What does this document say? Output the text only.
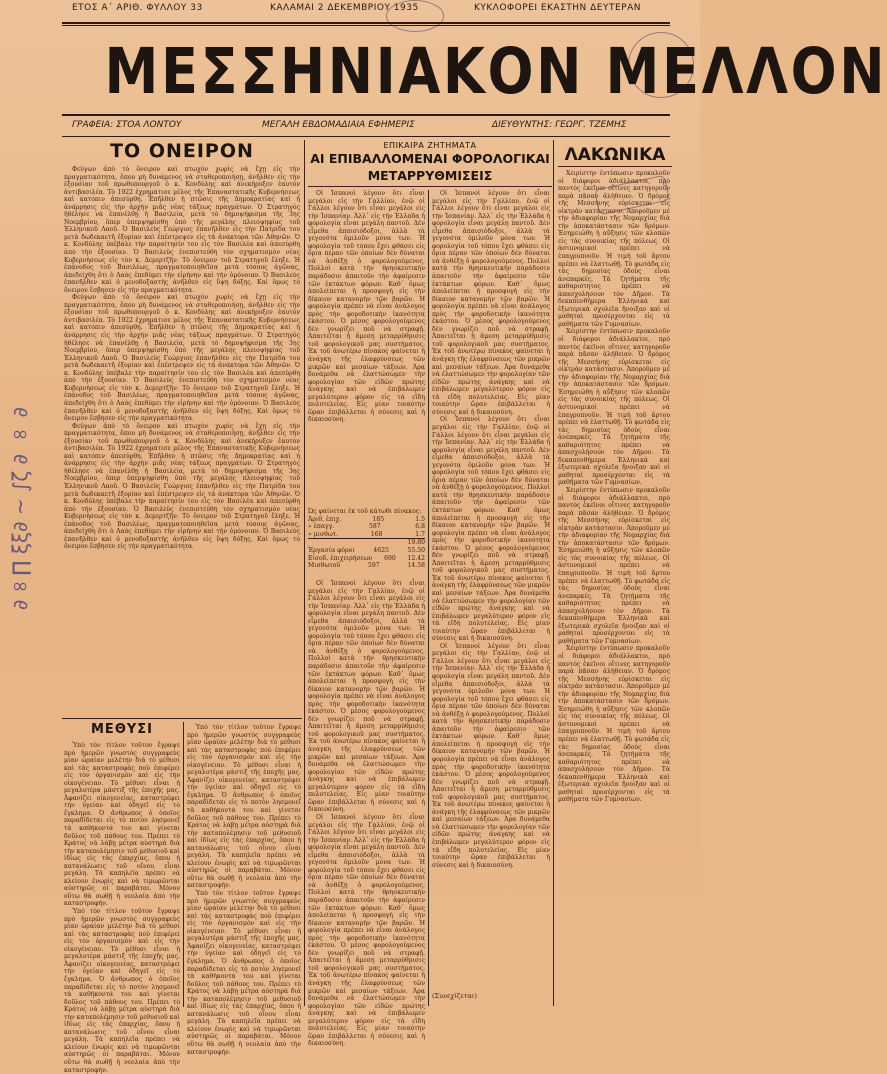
∂∞∏ ξξ∂ ~ ∫ζ ∂ ∞ ∂
ΕΤΟΣ Α΄ ΑΡΙΘ. ΦΥΛΛΟΥ 33	ΚΑΛΑΜΑΙ 2 ΔΕΚΕΜΒΡΙΟΥ 1935	ΚΥΚΛΟΦΟΡΕΙ ΕΚΑΣΤΗΝ ΔΕΥΤΕΡΑΝ
ΜΕΣΣΗΝΙΑΚΟΝ ΜΕΛΛΟΝ
ΓΡΑΦΕΙΑ: ΣΤΟΑ ΛΟΝΤΟΥ	ΜΕΓΑΛΗ ΕΒΔΟΜΑΔΙΑΙΑ ΕΦΗΜΕΡΙΣ	ΔΙΕΥΘΥΝΤΗΣ: ΓΕΩΡΓ. ΤΖΕΜΗΣ
ΤΟ ΟΝΕΙΡΟΝ

Φεύγων ἀπὸ τὸ ὄνειρον καὶ πτωχὸν χωρὶς νὰ ἔχῃ εἰς τὴν πραγματικότητα, ὅπου μὴ δυνάμενος νὰ σταθεροποιήσῃ, ἀνῆλθεν εἰς τὴν ἐξουσίαν τοῦ πρωθυπουργοῦ ὁ κ. Κονδύλης καὶ ἀνεκήρυξεν ἑαυτὸν ἀντιβασιλέα. Τὸ 1922 ἐχρημάτισε μέλος τῆς Ἐπαναστατικῆς Κυβερνήσεως καὶ κατόπιν ἀπεσύρθη. Ἐπῆλθεν ἡ πτῶσις τῆς Δημοκρατίας καὶ ἡ ἀνάρρησις εἰς τὴν ἀρχὴν μιᾶς νέας τάξεως πραγμάτων. Ὁ Στρατηγὸς ἠθέλησε νὰ ἐπανέλθῃ ἡ Βασιλεία, μετὰ τὸ δημοψήφισμα τῆς 3ης Νοεμβρίου, ὅπερ ὑπερψηφίσθη ὑπὸ τῆς μεγάλης πλειοψηφίας τοῦ Ἑλληνικοῦ Λαοῦ. Ὁ Βασιλεὺς Γεώργιος ἐπανῆλθεν εἰς τὴν Πατρίδα του μετὰ δωδεκαετῆ ἐξορίαν καὶ ἐπέστρεψεν εἰς τὰ ἀνάκτορα τῶν Ἀθηνῶν. Ὁ κ. Κονδύλης ὑπέβαλε τὴν παραίτησίν του εἰς τὸν Βασιλέα καὶ ἀπεσύρθη ἀπὸ τὴν ἐξουσίαν. Ὁ Βασιλεὺς ἐνεπιστεύθη τὸν σχηματισμὸν νέας Κυβερνήσεως εἰς τὸν κ. Δεμερτζῆν. Τὸ ὄνειρον τοῦ Στρατηγοῦ ἔληξε. Ἡ ἐπάνοδος τοῦ Βασιλέως, πραγματοποιηθεῖσα μετὰ τόσους ἀγῶνας, ἀπεδείχθη ὅτι ὁ Λαὸς ἐπεθύμει τὴν εἰρήνην καὶ τὴν ὁμόνοιαν. Ὁ Βασιλεὺς ἐπανῆλθεν καὶ ὁ μενοδοξαστὴς ἀνῆλθεν εἰς ὕψη δόξης. Καὶ ὅμως τὸ ὄνειρον ἔσβησεν εἰς τὴν πραγματικότητα.

Φεύγων ἀπὸ τὸ ὄνειρον καὶ πτωχὸν χωρὶς νὰ ἔχῃ εἰς τὴν πραγματικότητα, ὅπου μὴ δυνάμενος νὰ σταθεροποιήσῃ, ἀνῆλθεν εἰς τὴν ἐξουσίαν τοῦ πρωθυπουργοῦ ὁ κ. Κονδύλης καὶ ἀνεκήρυξεν ἑαυτὸν ἀντιβασιλέα. Τὸ 1922 ἐχρημάτισε μέλος τῆς Ἐπαναστατικῆς Κυβερνήσεως καὶ κατόπιν ἀπεσύρθη. Ἐπῆλθεν ἡ πτῶσις τῆς Δημοκρατίας καὶ ἡ ἀνάρρησις εἰς τὴν ἀρχὴν μιᾶς νέας τάξεως πραγμάτων. Ὁ Στρατηγὸς ἠθέλησε νὰ ἐπανέλθῃ ἡ Βασιλεία, μετὰ τὸ δημοψήφισμα τῆς 3ης Νοεμβρίου, ὅπερ ὑπερψηφίσθη ὑπὸ τῆς μεγάλης πλειοψηφίας τοῦ Ἑλληνικοῦ Λαοῦ. Ὁ Βασιλεὺς Γεώργιος ἐπανῆλθεν εἰς τὴν Πατρίδα του μετὰ δωδεκαετῆ ἐξορίαν καὶ ἐπέστρεψεν εἰς τὰ ἀνάκτορα τῶν Ἀθηνῶν. Ὁ κ. Κονδύλης ὑπέβαλε τὴν παραίτησίν του εἰς τὸν Βασιλέα καὶ ἀπεσύρθη ἀπὸ τὴν ἐξουσίαν. Ὁ Βασιλεὺς ἐνεπιστεύθη τὸν σχηματισμὸν νέας Κυβερνήσεως εἰς τὸν κ. Δεμερτζῆν. Τὸ ὄνειρον τοῦ Στρατηγοῦ ἔληξε. Ἡ ἐπάνοδος τοῦ Βασιλέως, πραγματοποιηθεῖσα μετὰ τόσους ἀγῶνας, ἀπεδείχθη ὅτι ὁ Λαὸς ἐπεθύμει τὴν εἰρήνην καὶ τὴν ὁμόνοιαν. Ὁ Βασιλεὺς ἐπανῆλθεν καὶ ὁ μενοδοξαστὴς ἀνῆλθεν εἰς ὕψη δόξης. Καὶ ὅμως τὸ ὄνειρον ἔσβησεν εἰς τὴν πραγματικότητα.

Φεύγων ἀπὸ τὸ ὄνειρον καὶ πτωχὸν χωρὶς νὰ ἔχῃ εἰς τὴν πραγματικότητα, ὅπου μὴ δυνάμενος νὰ σταθεροποιήσῃ, ἀνῆλθεν εἰς τὴν ἐξουσίαν τοῦ πρωθυπουργοῦ ὁ κ. Κονδύλης καὶ ἀνεκήρυξεν ἑαυτὸν ἀντιβασιλέα. Τὸ 1922 ἐχρημάτισε μέλος τῆς Ἐπαναστατικῆς Κυβερνήσεως καὶ κατόπιν ἀπεσύρθη. Ἐπῆλθεν ἡ πτῶσις τῆς Δημοκρατίας καὶ ἡ ἀνάρρησις εἰς τὴν ἀρχὴν μιᾶς νέας τάξεως πραγμάτων. Ὁ Στρατηγὸς ἠθέλησε νὰ ἐπανέλθῃ ἡ Βασιλεία, μετὰ τὸ δημοψήφισμα τῆς 3ης Νοεμβρίου, ὅπερ ὑπερψηφίσθη ὑπὸ τῆς μεγάλης πλειοψηφίας τοῦ Ἑλληνικοῦ Λαοῦ. Ὁ Βασιλεὺς Γεώργιος ἐπανῆλθεν εἰς τὴν Πατρίδα του μετὰ δωδεκαετῆ ἐξορίαν καὶ ἐπέστρεψεν εἰς τὰ ἀνάκτορα τῶν Ἀθηνῶν. Ὁ κ. Κονδύλης ὑπέβαλε τὴν παραίτησίν του εἰς τὸν Βασιλέα καὶ ἀπεσύρθη ἀπὸ τὴν ἐξουσίαν. Ὁ Βασιλεὺς ἐνεπιστεύθη τὸν σχηματισμὸν νέας Κυβερνήσεως εἰς τὸν κ. Δεμερτζῆν. Τὸ ὄνειρον τοῦ Στρατηγοῦ ἔληξε. Ἡ ἐπάνοδος τοῦ Βασιλέως, πραγματοποιηθεῖσα μετὰ τόσους ἀγῶνας, ἀπεδείχθη ὅτι ὁ Λαὸς ἐπεθύμει τὴν εἰρήνην καὶ τὴν ὁμόνοιαν. Ὁ Βασιλεὺς ἐπανῆλθεν καὶ ὁ μενοδοξαστὴς ἀνῆλθεν εἰς ὕψη δόξης. Καὶ ὅμως τὸ ὄνειρον ἔσβησεν εἰς τὴν πραγματικότητα.

ΜΕΘΥΣΙ

Ὑπὸ τὸν τίτλον τοῦτον ἔγραψε πρὸ ἡμερῶν γνωστὸς συγγραφεὺς μίαν ὡραίαν μελέτην διὰ τὸ μέθυσι καὶ τὰς καταστροφὰς ποὺ ἐπιφέρει εἰς τὸν ὀργανισμὸν καὶ εἰς τὴν οἰκογένειαν. Τὸ μέθυσι εἶναι ἡ μεγαλυτέρα μάστιξ τῆς ἐποχῆς μας. Ἀφανίζει οἰκογενείας, καταστρέφει τὴν ὑγείαν καὶ ὁδηγεῖ εἰς τὸ ἔγκλημα. Ὁ ἄνθρωπος ὁ ὁποῖος παραδίδεται εἰς τὸ ποτὸν λησμονεῖ τὰ καθήκοντά του καὶ γίνεται δοῦλος τοῦ πάθους του. Πρέπει τὸ Κράτος νὰ λάβῃ μέτρα αὐστηρὰ διὰ τὴν καταπολέμησιν τοῦ μεθυσιοῦ καὶ ἰδίως εἰς τὰς ἐπαρχίας, ὅπου ἡ κατανάλωσις τοῦ οἴνου εἶναι μεγάλη. Τὰ καπηλεῖα πρέπει νὰ κλείουν ἐνωρὶς καὶ νὰ τιμωρῶνται αὐστηρῶς οἱ παραβάται. Μόνον οὕτω θὰ σωθῇ ἡ νεολαία ἀπὸ τὴν καταστροφήν.

Ὑπὸ τὸν τίτλον τοῦτον ἔγραψε πρὸ ἡμερῶν γνωστὸς συγγραφεὺς μίαν ὡραίαν μελέτην διὰ τὸ μέθυσι καὶ τὰς καταστροφὰς ποὺ ἐπιφέρει εἰς τὸν ὀργανισμὸν καὶ εἰς τὴν οἰκογένειαν. Τὸ μέθυσι εἶναι ἡ μεγαλυτέρα μάστιξ τῆς ἐποχῆς μας. Ἀφανίζει οἰκογενείας, καταστρέφει τὴν ὑγείαν καὶ ὁδηγεῖ εἰς τὸ ἔγκλημα. Ὁ ἄνθρωπος ὁ ὁποῖος παραδίδεται εἰς τὸ ποτὸν λησμονεῖ τὰ καθήκοντά του καὶ γίνεται δοῦλος τοῦ πάθους του. Πρέπει τὸ Κράτος νὰ λάβῃ μέτρα αὐστηρὰ διὰ τὴν καταπολέμησιν τοῦ μεθυσιοῦ καὶ ἰδίως εἰς τὰς ἐπαρχίας, ὅπου ἡ κατανάλωσις τοῦ οἴνου εἶναι μεγάλη. Τὰ καπηλεῖα πρέπει νὰ κλείουν ἐνωρὶς καὶ νὰ τιμωρῶνται αὐστηρῶς οἱ παραβάται. Μόνον οὕτω θὰ σωθῇ ἡ νεολαία ἀπὸ τὴν καταστροφήν.

Ὑπὸ τὸν τίτλον τοῦτον ἔγραψε πρὸ ἡμερῶν γνωστὸς συγγραφεὺς μίαν ὡραίαν μελέτην διὰ τὸ μέθυσι καὶ τὰς καταστροφὰς ποὺ ἐπιφέρει εἰς τὸν ὀργανισμὸν καὶ εἰς τὴν οἰκογένειαν. Τὸ μέθυσι εἶναι ἡ μεγαλυτέρα μάστιξ τῆς ἐποχῆς μας. Ἀφανίζει οἰκογενείας, καταστρέφει τὴν ὑγείαν καὶ ὁδηγεῖ εἰς τὸ ἔγκλημα. Ὁ ἄνθρωπος ὁ ὁποῖος παραδίδεται εἰς τὸ ποτὸν λησμονεῖ τὰ καθήκοντά του καὶ γίνεται δοῦλος τοῦ πάθους του. Πρέπει τὸ Κράτος νὰ λάβῃ μέτρα αὐστηρὰ διὰ τὴν καταπολέμησιν τοῦ μεθυσιοῦ καὶ ἰδίως εἰς τὰς ἐπαρχίας, ὅπου ἡ κατανάλωσις τοῦ οἴνου εἶναι μεγάλη. Τὰ καπηλεῖα πρέπει νὰ κλείουν ἐνωρὶς καὶ νὰ τιμωρῶνται αὐστηρῶς οἱ παραβάται. Μόνον οὕτω θὰ σωθῇ ἡ νεολαία ἀπὸ τὴν καταστροφήν.

Ὑπὸ τὸν τίτλον τοῦτον ἔγραψε πρὸ ἡμερῶν γνωστὸς συγγραφεὺς μίαν ὡραίαν μελέτην διὰ τὸ μέθυσι καὶ τὰς καταστροφὰς ποὺ ἐπιφέρει εἰς τὸν ὀργανισμὸν καὶ εἰς τὴν οἰκογένειαν. Τὸ μέθυσι εἶναι ἡ μεγαλυτέρα μάστιξ τῆς ἐποχῆς μας. Ἀφανίζει οἰκογενείας, καταστρέφει τὴν ὑγείαν καὶ ὁδηγεῖ εἰς τὸ ἔγκλημα. Ὁ ἄνθρωπος ὁ ὁποῖος παραδίδεται εἰς τὸ ποτὸν λησμονεῖ τὰ καθήκοντά του καὶ γίνεται δοῦλος τοῦ πάθους του. Πρέπει τὸ Κράτος νὰ λάβῃ μέτρα αὐστηρὰ διὰ τὴν καταπολέμησιν τοῦ μεθυσιοῦ καὶ ἰδίως εἰς τὰς ἐπαρχίας, ὅπου ἡ κατανάλωσις τοῦ οἴνου εἶναι μεγάλη. Τὰ καπηλεῖα πρέπει νὰ κλείουν ἐνωρὶς καὶ νὰ τιμωρῶνται αὐστηρῶς οἱ παραβάται. Μόνον οὕτω θὰ σωθῇ ἡ νεολαία ἀπὸ τὴν καταστροφήν.

ΕΠΙΚΑΙΡΑ ΖΗΤΗΜΑΤΑ
ΑΙ ΕΠΙΒΑΛΛΟΜΕΝΑΙ ΦΟΡΟΛΟΓΙΚΑΙ
ΜΕΤΑΡΡΥΘΜΙΣΕΙΣ

Οἱ Ἰσπανοὶ λέγουν ὅτι εἶναι μεγάλοι εἰς τὴν Γαλλίαν, ἐνῷ οἱ Γάλλοι λέγουν ὅτι εἶναι μεγάλοι εἰς τὴν Ἰσπανίαν. Ἀλλ᾿ εἰς τὴν Ἑλλάδα ἡ φορολογία εἶναι μεγάλη παντοῦ. Δὲν εἶμεθα ἀπαισιόδοξοι, ἀλλὰ τὰ γεγονότα ὁμιλοῦν μόνα των. Ἡ φορολογία τοῦ τόπου ἔχει φθάσει εἰς ὅρια πέραν τῶν ὁποίων δὲν δύναται νὰ ἀνθέξῃ ὁ φορολογούμενος. Πολλοὶ κατὰ τὴν θρησκευτικὴν παράδοσιν ἀπαιτοῦν τὴν ἀφαίρεσιν τῶν ἐκτάκτων φόρων. Καθ᾿ ὅμως ἀπολείπεται ἡ προσφυγὴ εἰς τὴν δίκαιον κατανομὴν τῶν βαρῶν. Ἡ φορολογία πρέπει νὰ εἶναι ἀνάλογος πρὸς τὴν φοροδοτικὴν ἱκανότητα ἑκάστου. Ὁ μέσος φορολογούμενος δὲν γνωρίζει ποῦ νὰ στραφῇ. Ἀπαιτεῖται ἡ ἄμεση μεταρρύθμισις τοῦ φορολογικοῦ μας συστήματος. Ἐκ τοῦ ἀνωτέρω πίνακος φαίνεται ἡ ἀνάγκη τῆς ἐλαφρύνσεως τῶν μικρῶν καὶ μεσαίων τάξεων. Ἀρα δυνάμεθα νὰ ἐλαττώσωμεν τὴν φορολογίαν τῶν εἰδῶν πρώτης ἀνάγκης καὶ νὰ ἐπιβάλωμεν μεγαλύτερον φόρον εἰς τὰ εἴδη πολυτελείας. Εἰς μίαν τοιαύτην ὥραν ἐπιβάλλεται ἡ σύνεσις καὶ ἡ δικαιοσύνη.

Ὡς φαίνεται ἐκ τοῦ κάτωθι πίνακος:
Ἀριθ. ἐπιχ.	185	1.5
» ἐπαγγ.	587	6.8
» μισθωτ.	168	1.7
19.80
Ἐργασία φόροι	4625	55.50
Εἰσοδ. ἐπιχειρήσεων 690 12.42
Μισθωτοῦ	597	14.58

Οἱ Ἰσπανοὶ λέγουν ὅτι εἶναι μεγάλοι εἰς τὴν Γαλλίαν, ἐνῷ οἱ Γάλλοι λέγουν ὅτι εἶναι μεγάλοι εἰς τὴν Ἰσπανίαν. Ἀλλ᾿ εἰς τὴν Ἑλλάδα ἡ φορολογία εἶναι μεγάλη παντοῦ. Δὲν εἶμεθα ἀπαισιόδοξοι, ἀλλὰ τὰ γεγονότα ὁμιλοῦν μόνα των. Ἡ φορολογία τοῦ τόπου ἔχει φθάσει εἰς ὅρια πέραν τῶν ὁποίων δὲν δύναται νὰ ἀνθέξῃ ὁ φορολογούμενος. Πολλοὶ κατὰ τὴν θρησκευτικὴν παράδοσιν ἀπαιτοῦν τὴν ἀφαίρεσιν τῶν ἐκτάκτων φόρων. Καθ᾿ ὅμως ἀπολείπεται ἡ προσφυγὴ εἰς τὴν δίκαιον κατανομὴν τῶν βαρῶν. Ἡ φορολογία πρέπει νὰ εἶναι ἀνάλογος πρὸς τὴν φοροδοτικὴν ἱκανότητα ἑκάστου. Ὁ μέσος φορολογούμενος δὲν γνωρίζει ποῦ νὰ στραφῇ. Ἀπαιτεῖται ἡ ἄμεση μεταρρύθμισις τοῦ φορολογικοῦ μας συστήματος. Ἐκ τοῦ ἀνωτέρω πίνακος φαίνεται ἡ ἀνάγκη τῆς ἐλαφρύνσεως τῶν μικρῶν καὶ μεσαίων τάξεων. Ἀρα δυνάμεθα νὰ ἐλαττώσωμεν τὴν φορολογίαν τῶν εἰδῶν πρώτης ἀνάγκης καὶ νὰ ἐπιβάλωμεν μεγαλύτερον φόρον εἰς τὰ εἴδη πολυτελείας. Εἰς μίαν τοιαύτην ὥραν ἐπιβάλλεται ἡ σύνεσις καὶ ἡ δικαιοσύνη.

Οἱ Ἰσπανοὶ λέγουν ὅτι εἶναι μεγάλοι εἰς τὴν Γαλλίαν, ἐνῷ οἱ Γάλλοι λέγουν ὅτι εἶναι μεγάλοι εἰς τὴν Ἰσπανίαν. Ἀλλ᾿ εἰς τὴν Ἑλλάδα ἡ φορολογία εἶναι μεγάλη παντοῦ. Δὲν εἶμεθα ἀπαισιόδοξοι, ἀλλὰ τὰ γεγονότα ὁμιλοῦν μόνα των. Ἡ φορολογία τοῦ τόπου ἔχει φθάσει εἰς ὅρια πέραν τῶν ὁποίων δὲν δύναται νὰ ἀνθέξῃ ὁ φορολογούμενος. Πολλοὶ κατὰ τὴν θρησκευτικὴν παράδοσιν ἀπαιτοῦν τὴν ἀφαίρεσιν τῶν ἐκτάκτων φόρων. Καθ᾿ ὅμως ἀπολείπεται ἡ προσφυγὴ εἰς τὴν δίκαιον κατανομὴν τῶν βαρῶν. Ἡ φορολογία πρέπει νὰ εἶναι ἀνάλογος πρὸς τὴν φοροδοτικὴν ἱκανότητα ἑκάστου. Ὁ μέσος φορολογούμενος δὲν γνωρίζει ποῦ νὰ στραφῇ. Ἀπαιτεῖται ἡ ἄμεση μεταρρύθμισις τοῦ φορολογικοῦ μας συστήματος. Ἐκ τοῦ ἀνωτέρω πίνακος φαίνεται ἡ ἀνάγκη τῆς ἐλαφρύνσεως τῶν μικρῶν καὶ μεσαίων τάξεων. Ἀρα δυνάμεθα νὰ ἐλαττώσωμεν τὴν φορολογίαν τῶν εἰδῶν πρώτης ἀνάγκης καὶ νὰ ἐπιβάλωμεν μεγαλύτερον φόρον εἰς τὰ εἴδη πολυτελείας. Εἰς μίαν τοιαύτην ὥραν ἐπιβάλλεται ἡ σύνεσις καὶ ἡ δικαιοσύνη.

Οἱ Ἰσπανοὶ λέγουν ὅτι εἶναι μεγάλοι εἰς τὴν Γαλλίαν, ἐνῷ οἱ Γάλλοι λέγουν ὅτι εἶναι μεγάλοι εἰς τὴν Ἰσπανίαν. Ἀλλ᾿ εἰς τὴν Ἑλλάδα ἡ φορολογία εἶναι μεγάλη παντοῦ. Δὲν εἶμεθα ἀπαισιόδοξοι, ἀλλὰ τὰ γεγονότα ὁμιλοῦν μόνα των. Ἡ φορολογία τοῦ τόπου ἔχει φθάσει εἰς ὅρια πέραν τῶν ὁποίων δὲν δύναται νὰ ἀνθέξῃ ὁ φορολογούμενος. Πολλοὶ κατὰ τὴν θρησκευτικὴν παράδοσιν ἀπαιτοῦν τὴν ἀφαίρεσιν τῶν ἐκτάκτων φόρων. Καθ᾿ ὅμως ἀπολείπεται ἡ προσφυγὴ εἰς τὴν δίκαιον κατανομὴν τῶν βαρῶν. Ἡ φορολογία πρέπει νὰ εἶναι ἀνάλογος πρὸς τὴν φοροδοτικὴν ἱκανότητα ἑκάστου. Ὁ μέσος φορολογούμενος δὲν γνωρίζει ποῦ νὰ στραφῇ. Ἀπαιτεῖται ἡ ἄμεση μεταρρύθμισις τοῦ φορολογικοῦ μας συστήματος. Ἐκ τοῦ ἀνωτέρω πίνακος φαίνεται ἡ ἀνάγκη τῆς ἐλαφρύνσεως τῶν μικρῶν καὶ μεσαίων τάξεων. Ἀρα δυνάμεθα νὰ ἐλαττώσωμεν τὴν φορολογίαν τῶν εἰδῶν πρώτης ἀνάγκης καὶ νὰ ἐπιβάλωμεν μεγαλύτερον φόρον εἰς τὰ εἴδη πολυτελείας. Εἰς μίαν τοιαύτην ὥραν ἐπιβάλλεται ἡ σύνεσις καὶ ἡ δικαιοσύνη.

Οἱ Ἰσπανοὶ λέγουν ὅτι εἶναι μεγάλοι εἰς τὴν Γαλλίαν, ἐνῷ οἱ Γάλλοι λέγουν ὅτι εἶναι μεγάλοι εἰς τὴν Ἰσπανίαν. Ἀλλ᾿ εἰς τὴν Ἑλλάδα ἡ φορολογία εἶναι μεγάλη παντοῦ. Δὲν εἶμεθα ἀπαισιόδοξοι, ἀλλὰ τὰ γεγονότα ὁμιλοῦν μόνα των. Ἡ φορολογία τοῦ τόπου ἔχει φθάσει εἰς ὅρια πέραν τῶν ὁποίων δὲν δύναται νὰ ἀνθέξῃ ὁ φορολογούμενος. Πολλοὶ κατὰ τὴν θρησκευτικὴν παράδοσιν ἀπαιτοῦν τὴν ἀφαίρεσιν τῶν ἐκτάκτων φόρων. Καθ᾿ ὅμως ἀπολείπεται ἡ προσφυγὴ εἰς τὴν δίκαιον κατανομὴν τῶν βαρῶν. Ἡ φορολογία πρέπει νὰ εἶναι ἀνάλογος πρὸς τὴν φοροδοτικὴν ἱκανότητα ἑκάστου. Ὁ μέσος φορολογούμενος δὲν γνωρίζει ποῦ νὰ στραφῇ. Ἀπαιτεῖται ἡ ἄμεση μεταρρύθμισις τοῦ φορολογικοῦ μας συστήματος. Ἐκ τοῦ ἀνωτέρω πίνακος φαίνεται ἡ ἀνάγκη τῆς ἐλαφρύνσεως τῶν μικρῶν καὶ μεσαίων τάξεων. Ἀρα δυνάμεθα νὰ ἐλαττώσωμεν τὴν φορολογίαν τῶν εἰδῶν πρώτης ἀνάγκης καὶ νὰ ἐπιβάλωμεν μεγαλύτερον φόρον εἰς τὰ εἴδη πολυτελείας. Εἰς μίαν τοιαύτην ὥραν ἐπιβάλλεται ἡ σύνεσις καὶ ἡ δικαιοσύνη.

Οἱ Ἰσπανοὶ λέγουν ὅτι εἶναι μεγάλοι εἰς τὴν Γαλλίαν, ἐνῷ οἱ Γάλλοι λέγουν ὅτι εἶναι μεγάλοι εἰς τὴν Ἰσπανίαν. Ἀλλ᾿ εἰς τὴν Ἑλλάδα ἡ φορολογία εἶναι μεγάλη παντοῦ. Δὲν εἶμεθα ἀπαισιόδοξοι, ἀλλὰ τὰ γεγονότα ὁμιλοῦν μόνα των. Ἡ φορολογία τοῦ τόπου ἔχει φθάσει εἰς ὅρια πέραν τῶν ὁποίων δὲν δύναται νὰ ἀνθέξῃ ὁ φορολογούμενος. Πολλοὶ κατὰ τὴν θρησκευτικὴν παράδοσιν ἀπαιτοῦν τὴν ἀφαίρεσιν τῶν ἐκτάκτων φόρων. Καθ᾿ ὅμως ἀπολείπεται ἡ προσφυγὴ εἰς τὴν δίκαιον κατανομὴν τῶν βαρῶν. Ἡ φορολογία πρέπει νὰ εἶναι ἀνάλογος πρὸς τὴν φοροδοτικὴν ἱκανότητα ἑκάστου. Ὁ μέσος φορολογούμενος δὲν γνωρίζει ποῦ νὰ στραφῇ. Ἀπαιτεῖται ἡ ἄμεση μεταρρύθμισις τοῦ φορολογικοῦ μας συστήματος. Ἐκ τοῦ ἀνωτέρω πίνακος φαίνεται ἡ ἀνάγκη τῆς ἐλαφρύνσεως τῶν μικρῶν καὶ μεσαίων τάξεων. Ἀρα δυνάμεθα νὰ ἐλαττώσωμεν τὴν φορολογίαν τῶν εἰδῶν πρώτης ἀνάγκης καὶ νὰ ἐπιβάλωμεν μεγαλύτερον φόρον εἰς τὰ εἴδη πολυτελείας. Εἰς μίαν τοιαύτην ὥραν ἐπιβάλλεται ἡ σύνεσις καὶ ἡ δικαιοσύνη.

(Συνεχίζεται)
ΛΑΚΩΝΙΚΑ

Χειρίστην ἐντύπωσιν προκαλοῦν οἱ διάφοροι ἀδιάλλακτοι, πρὸ παντὸς ἐκεῖνοι οἵτινες κατηγοροῦν παρὰ πᾶσαν ἀλήθειαν. Ὁ δρόμος τῆς Μεσσήνης εὑρίσκεται εἰς οἰκτρὰν κατάστασιν. Ἀποροῦμεν μὲ τὴν ἀδιαφορίαν τῆς Νομαρχίας διὰ τὴν ἀποκατάστασιν τῶν δρόμων. Ἐσημειώθη ἡ αὔξησις τῶν κλοπῶν εἰς τὰς συνοικίας τῆς πόλεως. Οἱ ἀστυνομικοὶ πρέπει νὰ ἐπαγρυπνοῦν. Ἡ τιμὴ τοῦ ἄρτου πρέπει νὰ ἐλαττωθῇ. Τὸ φωτάδα εἰς τὰς δημοσίας ὁδοὺς εἶναι ἀνεπαρκές. Τὰ ζητήματα τῆς καθαριότητος πρέπει νὰ ἀπασχολήσουν τὸν Δῆμον. Τὰ δεκαπενθήμερα Ἐλληνικὰ καὶ ἐξωτερικὰ σχολεῖα ἤνοιξαν καὶ οἱ μαθηταὶ προσέρχονται εἰς τὰ μαθήματα τῶν Γυμνασίων.

Χειρίστην ἐντύπωσιν προκαλοῦν οἱ διάφοροι ἀδιάλλακτοι, πρὸ παντὸς ἐκεῖνοι οἵτινες κατηγοροῦν παρὰ πᾶσαν ἀλήθειαν. Ὁ δρόμος τῆς Μεσσήνης εὑρίσκεται εἰς οἰκτρὰν κατάστασιν. Ἀποροῦμεν μὲ τὴν ἀδιαφορίαν τῆς Νομαρχίας διὰ τὴν ἀποκατάστασιν τῶν δρόμων. Ἐσημειώθη ἡ αὔξησις τῶν κλοπῶν εἰς τὰς συνοικίας τῆς πόλεως. Οἱ ἀστυνομικοὶ πρέπει νὰ ἐπαγρυπνοῦν. Ἡ τιμὴ τοῦ ἄρτου πρέπει νὰ ἐλαττωθῇ. Τὸ φωτάδα εἰς τὰς δημοσίας ὁδοὺς εἶναι ἀνεπαρκές. Τὰ ζητήματα τῆς καθαριότητος πρέπει νὰ ἀπασχολήσουν τὸν Δῆμον. Τὰ δεκαπενθήμερα Ἐλληνικὰ καὶ ἐξωτερικὰ σχολεῖα ἤνοιξαν καὶ οἱ μαθηταὶ προσέρχονται εἰς τὰ μαθήματα τῶν Γυμνασίων.

Χειρίστην ἐντύπωσιν προκαλοῦν οἱ διάφοροι ἀδιάλλακτοι, πρὸ παντὸς ἐκεῖνοι οἵτινες κατηγοροῦν παρὰ πᾶσαν ἀλήθειαν. Ὁ δρόμος τῆς Μεσσήνης εὑρίσκεται εἰς οἰκτρὰν κατάστασιν. Ἀποροῦμεν μὲ τὴν ἀδιαφορίαν τῆς Νομαρχίας διὰ τὴν ἀποκατάστασιν τῶν δρόμων. Ἐσημειώθη ἡ αὔξησις τῶν κλοπῶν εἰς τὰς συνοικίας τῆς πόλεως. Οἱ ἀστυνομικοὶ πρέπει νὰ ἐπαγρυπνοῦν. Ἡ τιμὴ τοῦ ἄρτου πρέπει νὰ ἐλαττωθῇ. Τὸ φωτάδα εἰς τὰς δημοσίας ὁδοὺς εἶναι ἀνεπαρκές. Τὰ ζητήματα τῆς καθαριότητος πρέπει νὰ ἀπασχολήσουν τὸν Δῆμον. Τὰ δεκαπενθήμερα Ἐλληνικὰ καὶ ἐξωτερικὰ σχολεῖα ἤνοιξαν καὶ οἱ μαθηταὶ προσέρχονται εἰς τὰ μαθήματα τῶν Γυμνασίων.

Χειρίστην ἐντύπωσιν προκαλοῦν οἱ διάφοροι ἀδιάλλακτοι, πρὸ παντὸς ἐκεῖνοι οἵτινες κατηγοροῦν παρὰ πᾶσαν ἀλήθειαν. Ὁ δρόμος τῆς Μεσσήνης εὑρίσκεται εἰς οἰκτρὰν κατάστασιν. Ἀποροῦμεν μὲ τὴν ἀδιαφορίαν τῆς Νομαρχίας διὰ τὴν ἀποκατάστασιν τῶν δρόμων. Ἐσημειώθη ἡ αὔξησις τῶν κλοπῶν εἰς τὰς συνοικίας τῆς πόλεως. Οἱ ἀστυνομικοὶ πρέπει νὰ ἐπαγρυπνοῦν. Ἡ τιμὴ τοῦ ἄρτου πρέπει νὰ ἐλαττωθῇ. Τὸ φωτάδα εἰς τὰς δημοσίας ὁδοὺς εἶναι ἀνεπαρκές. Τὰ ζητήματα τῆς καθαριότητος πρέπει νὰ ἀπασχολήσουν τὸν Δῆμον. Τὰ δεκαπενθήμερα Ἐλληνικὰ καὶ ἐξωτερικὰ σχολεῖα ἤνοιξαν καὶ οἱ μαθηταὶ προσέρχονται εἰς τὰ μαθήματα τῶν Γυμνασίων.
